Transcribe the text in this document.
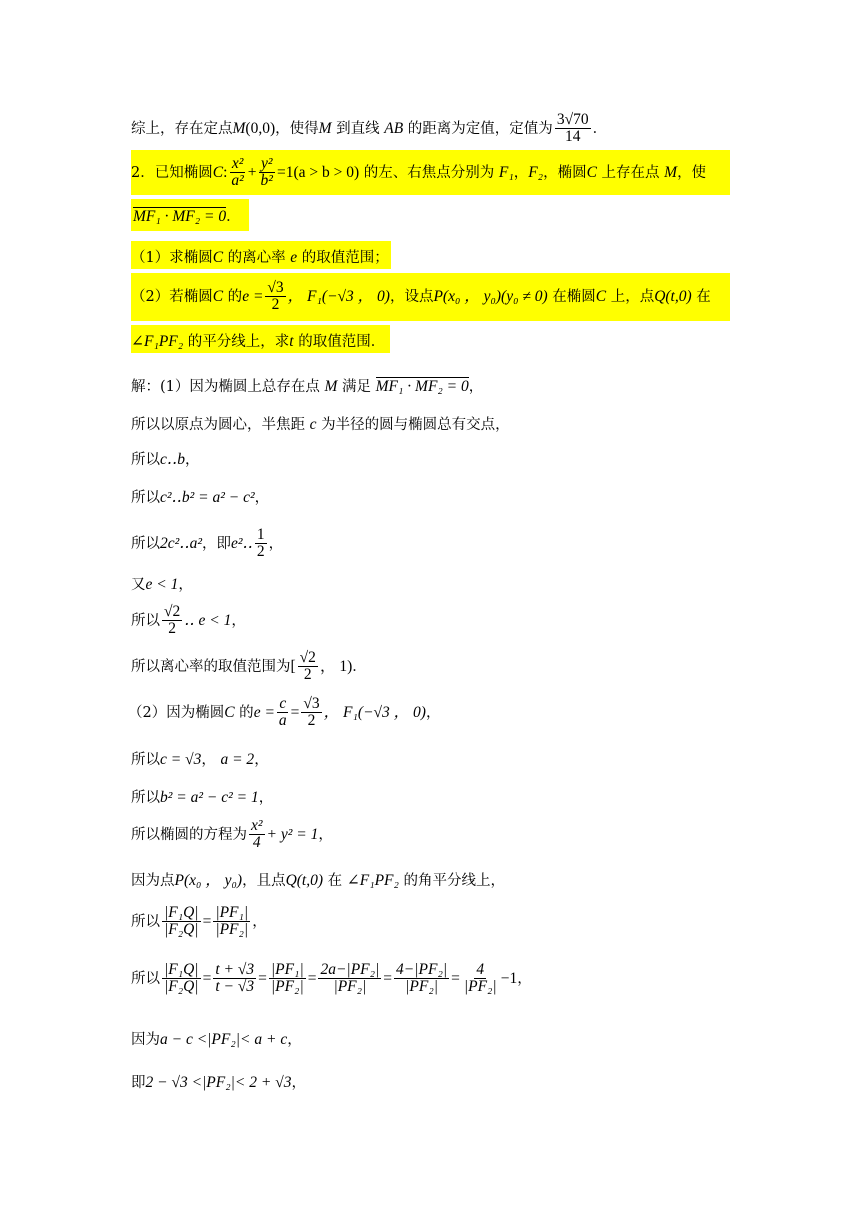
综上，存在定点M(0,0)，使得M 到直线 AB 的距离为定值，定值为 $\frac{3√70}{14}$ ．
2．已知椭圆C: $\frac{\text{x²}}{\text{a²}} + \frac{\text{y²}}{\text{b²}} =1(a > b > 0)$ 的左、右焦点分别为 F₁，F₂，椭圆C 上存在点 M，使
MF₁ · MF₂ = 0．
（1）求椭圆C 的离心率 e 的取值范围；
（2）若椭圆C 的$e = \frac{√3}{2}$ ， F₁(−√3 ， 0)，设点P(x₀ ， y₀)(y₀ ≠ 0) 在椭圆C 上，点Q(t,0) 在
∠F₁PF₂ 的平分线上，求t 的取值范围．
解：(1）因为椭圆上总存在点 M 满足 MF₁ · MF₂ = 0，
所以以原点为圆心，半焦距 c 为半径的圆与椭圆总有交点，
所以c‥b，
所以c²‥b² = a² − c²，
所以2c²‥a²，即e²‥ $\frac{1}{2}$ ，
又e < 1，
所以 $\frac{√2}{2}$ ‥ e < 1，
所以离心率的取值范围为[ $\frac{√2}{2}$ ， 1)．
（2）因为椭圆C 的$e = \frac{c}{a} = \frac{√3}{2}$ ， F₁(−√3 ， 0)，
所以c = √3， a = 2，
所以b² = a² − c² = 1，
所以椭圆的方程为 $\frac{\text{x²}}{4} + y^2 = 1$，
因为点P(x₀ ， y₀)，且点Q(t,0) 在 ∠F₁PF₂ 的角平分线上，
所以 $\frac{\text{|F₁Q|}}{\text{|F₂Q|}} = \frac{\text{|PF₁|}}{\text{|PF₂|}}$ ，
所以 $\frac{\text{|F₁Q|}}{\text{|F₂Q|}} = \frac{t + √3}{t - √3} = \frac{\text{|PF₁|}}{\text{|PF₂|}} = \frac{\text{2a−|PF₂|}}{\text{|PF₂|}} = \frac{\text{4−|PF₂|}}{\text{|PF₂|}} = \frac{4}{\text{|PF₂|}} -1$，
因为a − c <|PF₂|< a + c，
即2 − √3 <|PF₂|< 2 + √3，
